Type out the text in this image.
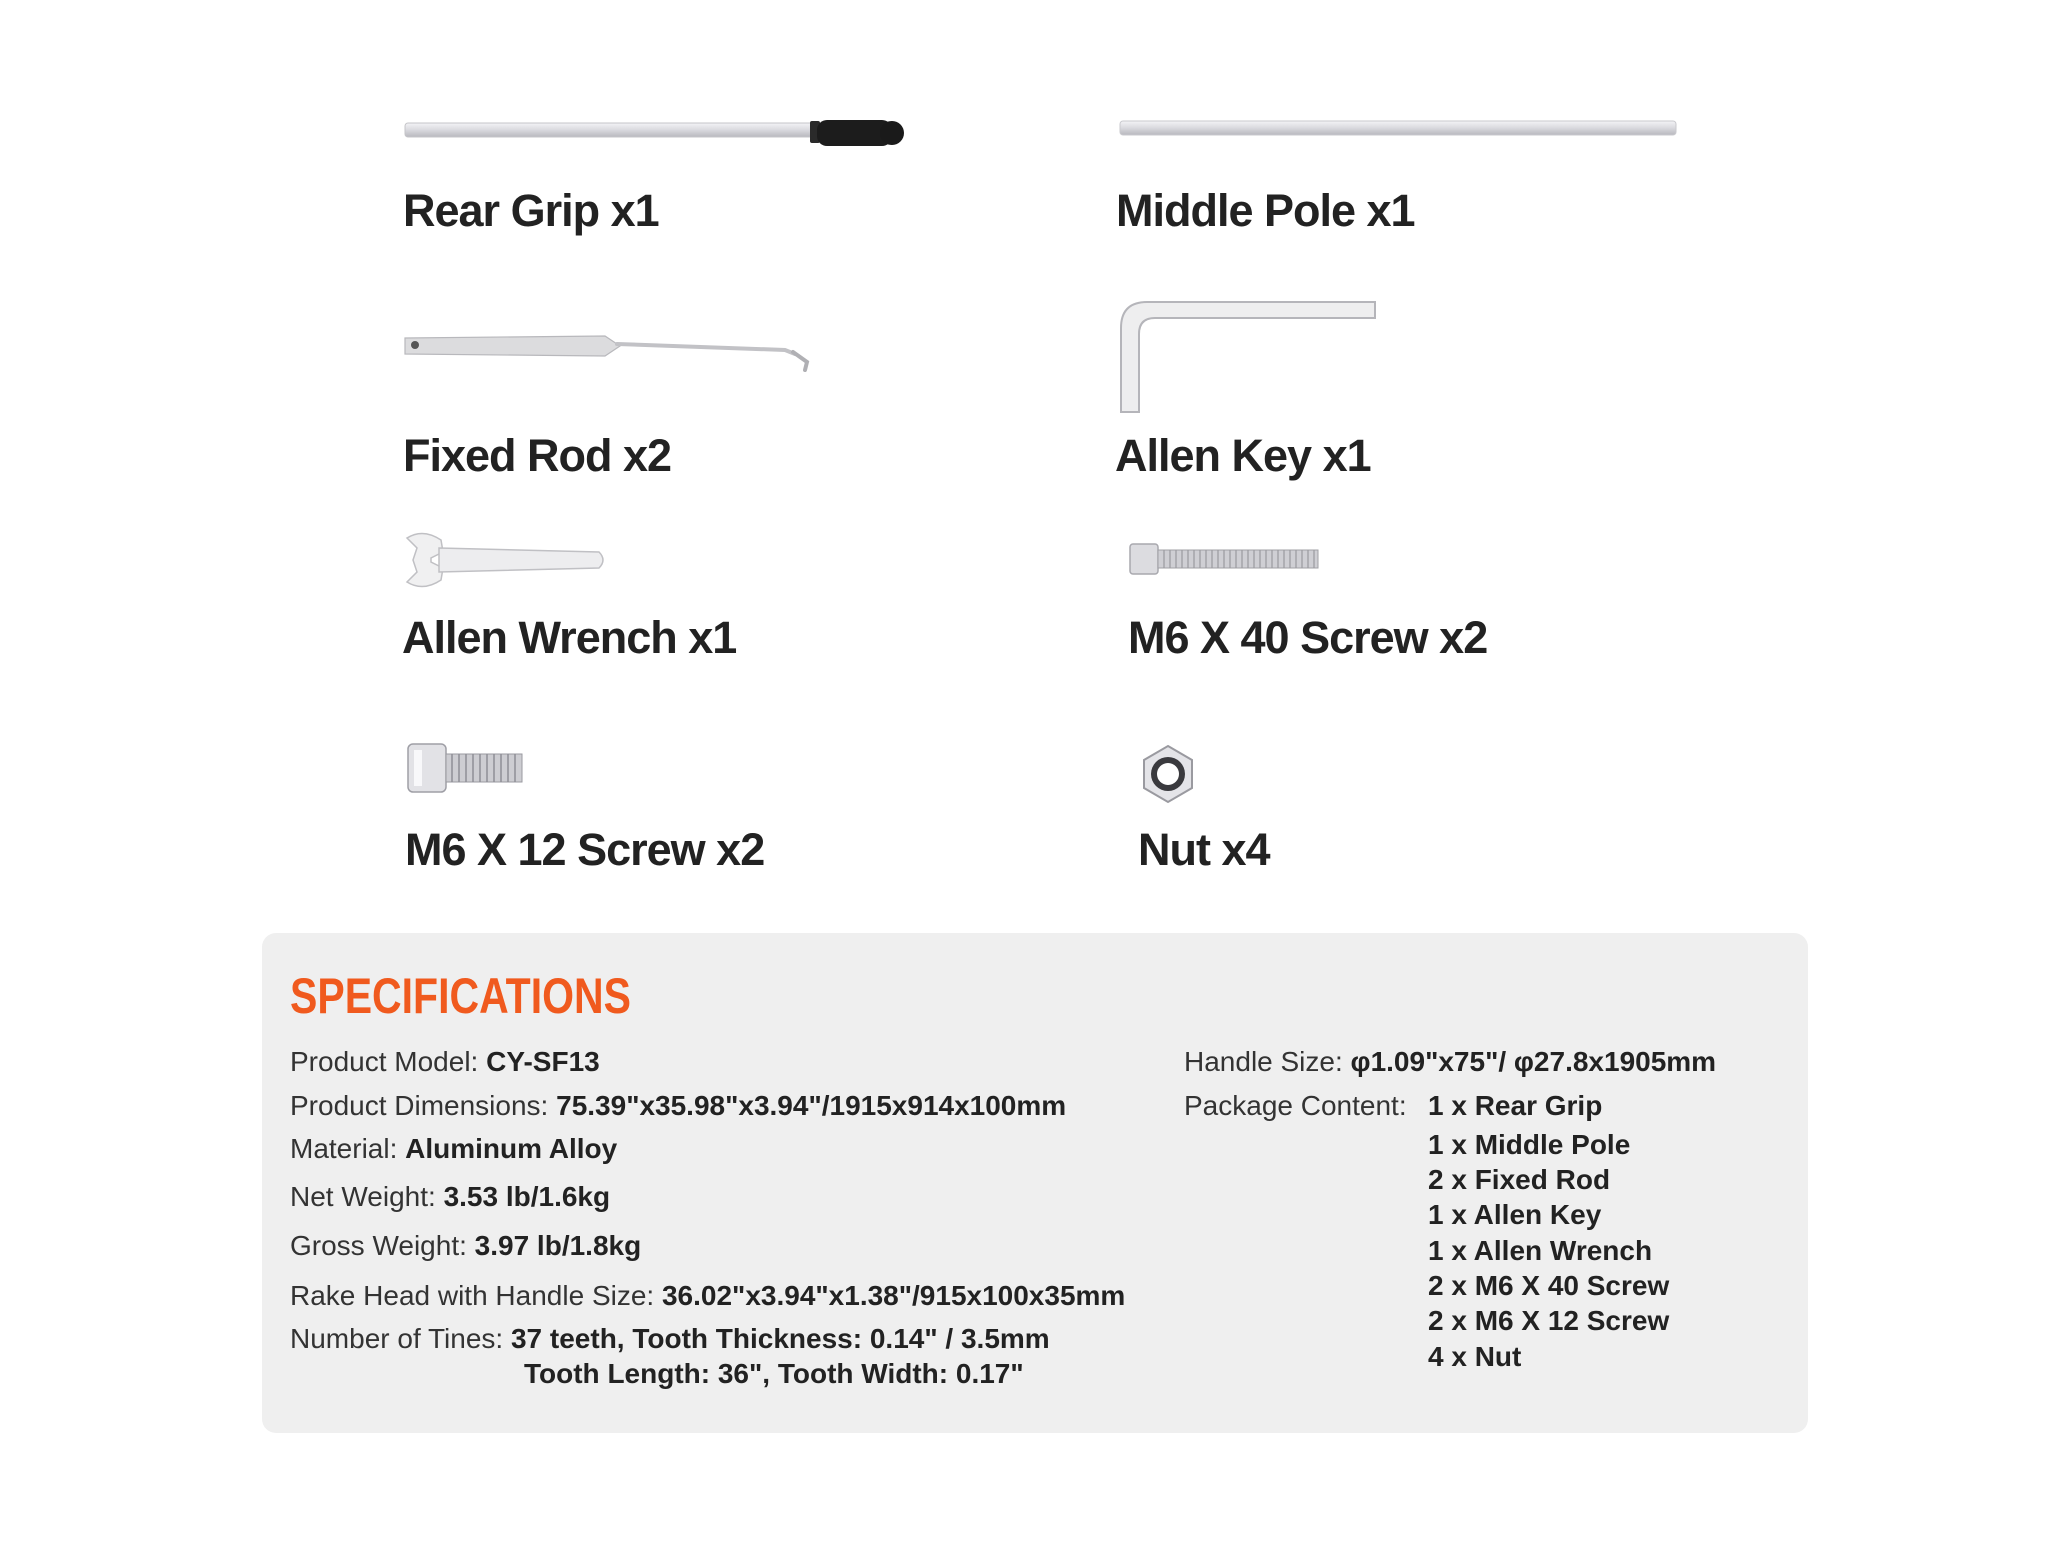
Rear Grip x1	Middle Pole x1
Fixed Rod x2	Allen Key x1
Allen Wrench x1	M6 X 40 Screw x2
M6 X 12 Screw x2	Nut x4
SPECIFICATIONS
Product Model: CY-SF13
Product Dimensions: 75.39"x35.98"x3.94"/1915x914x100mm
Material: Aluminum Alloy
Net Weight: 3.53 lb/1.6kg
Gross Weight: 3.97 lb/1.8kg
Rake Head with Handle Size: 36.02"x3.94"x1.38"/915x100x35mm
Number of Tines: 37 teeth, Tooth Thickness: 0.14" / 3.5mm
Tooth Length: 36", Tooth Width: 0.17"
Handle Size: φ1.09"x75"/ φ27.8x1905mm
Package Content: 1 x Rear Grip
1 x Middle Pole
2 x Fixed Rod
1 x Allen Key
1 x Allen Wrench
2 x M6 X 40 Screw
2 x M6 X 12 Screw
4 x Nut
